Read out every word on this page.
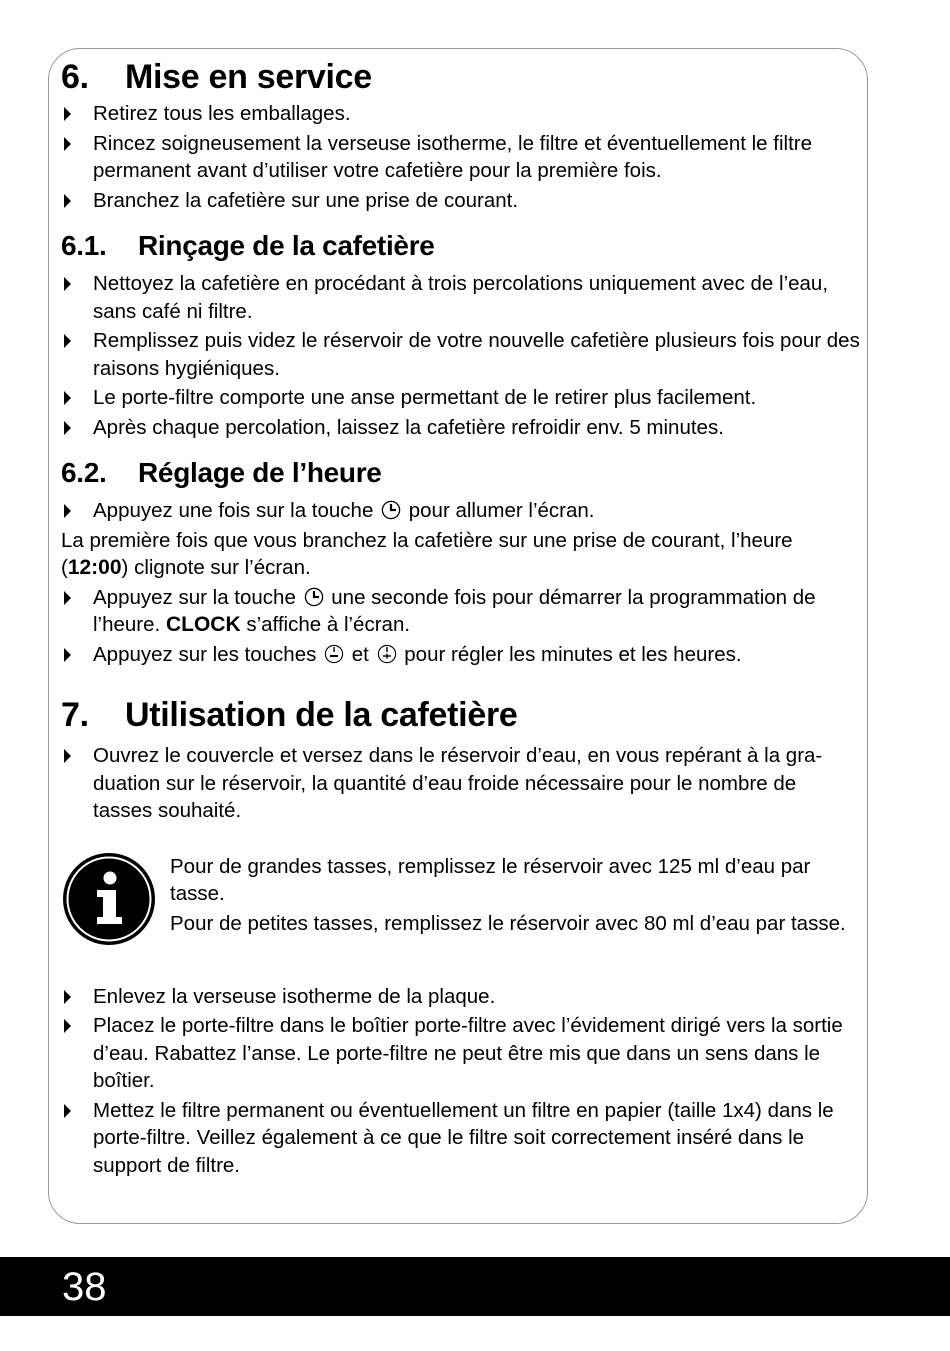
6.	Mise en service
Retirez tous les emballages.
Rincez soigneusement la verseuse isotherme, le filtre et éventuellement le filtre permanent avant d’utiliser votre cafetière pour la première fois.
Branchez la cafetière sur une prise de courant.
6.1.	Rinçage de la cafetière
Nettoyez la cafetière en procédant à trois percolations uniquement avec de l’eau, sans café ni filtre.
Remplissez puis videz le réservoir de votre nouvelle cafetière plusieurs fois pour des raisons hygiéniques.
Le porte-filtre comporte une anse permettant de le retirer plus facilement.
Après chaque percolation, laissez la cafetière refroidir env. 5 minutes.
6.2.	Réglage de l’heure
Appuyez une fois sur la touche pour allumer l’écran.

La première fois que vous branchez la cafetière sur une prise de courant, l’heure (12:00) clignote sur l’écran.

Appuyez sur la touche une seconde fois pour démarrer la programmation de l’heure. CLOCK s’affiche à l’écran.
Appuyez sur les touches et pour régler les minutes et les heures.
7.	Utilisation de la cafetière
Ouvrez le couvercle et versez dans le réservoir d’eau, en vous repérant à la gra-duation sur le réservoir, la quantité d’eau froide nécessaire pour le nombre de tasses souhaité.
Pour de grandes tasses, remplissez le réservoir avec 125 ml d’eau par tasse.
Pour de petites tasses, remplissez le réservoir avec 80 ml d’eau par tasse.
Enlevez la verseuse isotherme de la plaque.
Placez le porte-filtre dans le boîtier porte-filtre avec l’évidement dirigé vers la sortie d’eau. Rabattez l’anse. Le porte-filtre ne peut être mis que dans un sens dans le boîtier.
Mettez le filtre permanent ou éventuellement un filtre en papier (taille 1x4) dans le porte-filtre. Veillez également à ce que le filtre soit correctement inséré dans le support de filtre.
38
